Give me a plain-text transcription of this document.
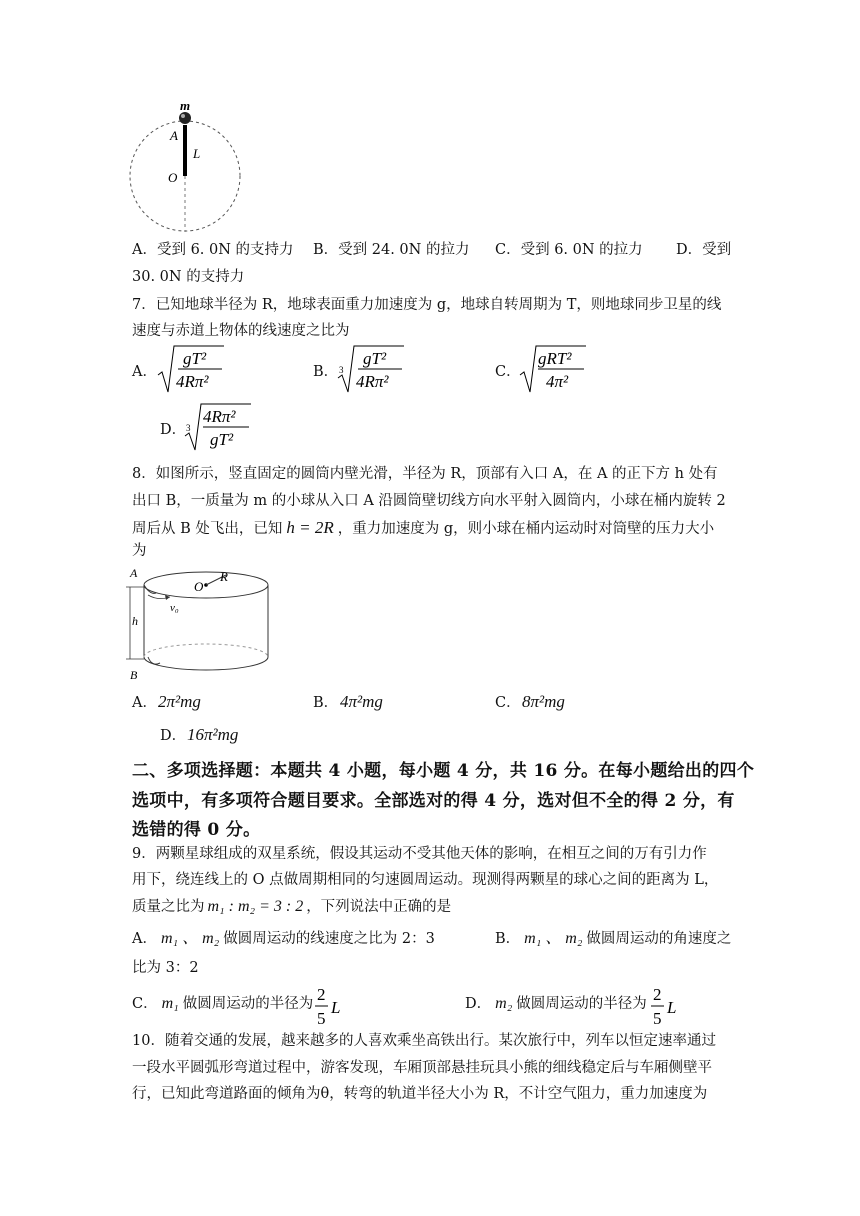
m
A
L
O
A．受到 6. 0N 的支持力 B．受到 24. 0N 的拉力 C．受到 6. 0N 的拉力 D．受到
30. 0N 的支持力
7．已知地球半径为 R，地球表面重力加速度为 g，地球自转周期为 T，则地球同步卫星的线
速度与赤道上物体的线速度之比为
A．
gT²
4Rπ²	B． 3
gT²
4Rπ²	C．
gRT²
4π²
D． 3
4Rπ²
gT²
8．如图所示，竖直固定的圆筒内壁光滑，半径为 R，顶部有入口 A，在 A 的正下方 h 处有
出口 B，一质量为 m 的小球从入口 A 沿圆筒壁切线方向水平射入圆筒内，小球在桶内旋转 2
周后从 B 处飞出，已知 h = 2R ，重力加速度为 g，则小球在桶内运动时对筒壁的压力大小
为
A
O
R
v₀
h
B
A． 2π²mg	B． 4π²mg	C． 8π²mg
D． 16π²mg
二、多项选择题：本题共 4 小题，每小题 4 分，共 16 分。在每小题给出的四个
选项中，有多项符合题目要求。全部选对的得 4 分，选对但不全的得 2 分，有
选错的得 0 分。
9．两颗星球组成的双星系统，假设其运动不受其他天体的影响，在相互之间的万有引力作
用下，绕连线上的 O 点做周期相同的匀速圆周运动。现测得两颗星的球心之间的距离为 L，
质量之比为 m₁ : m₂ = 3 : 2 ，下列说法中正确的是
A． m₁ 、 m₂ 做圆周运动的线速度之比为 2：3	B． m₁ 、 m₂ 做圆周运动的角速度之
比为 3：2
C． m₁ 做圆周运动的半径为 2
5
L	D． m₂ 做圆周运动的半径为 2
5
L
10．随着交通的发展，越来越多的人喜欢乘坐高铁出行。某次旅行中，列车以恒定速率通过
一段水平圆弧形弯道过程中，游客发现，车厢顶部悬挂玩具小熊的细线稳定后与车厢侧壁平
行，已知此弯道路面的倾角为θ，转弯的轨道半径大小为 R，不计空气阻力，重力加速度为
